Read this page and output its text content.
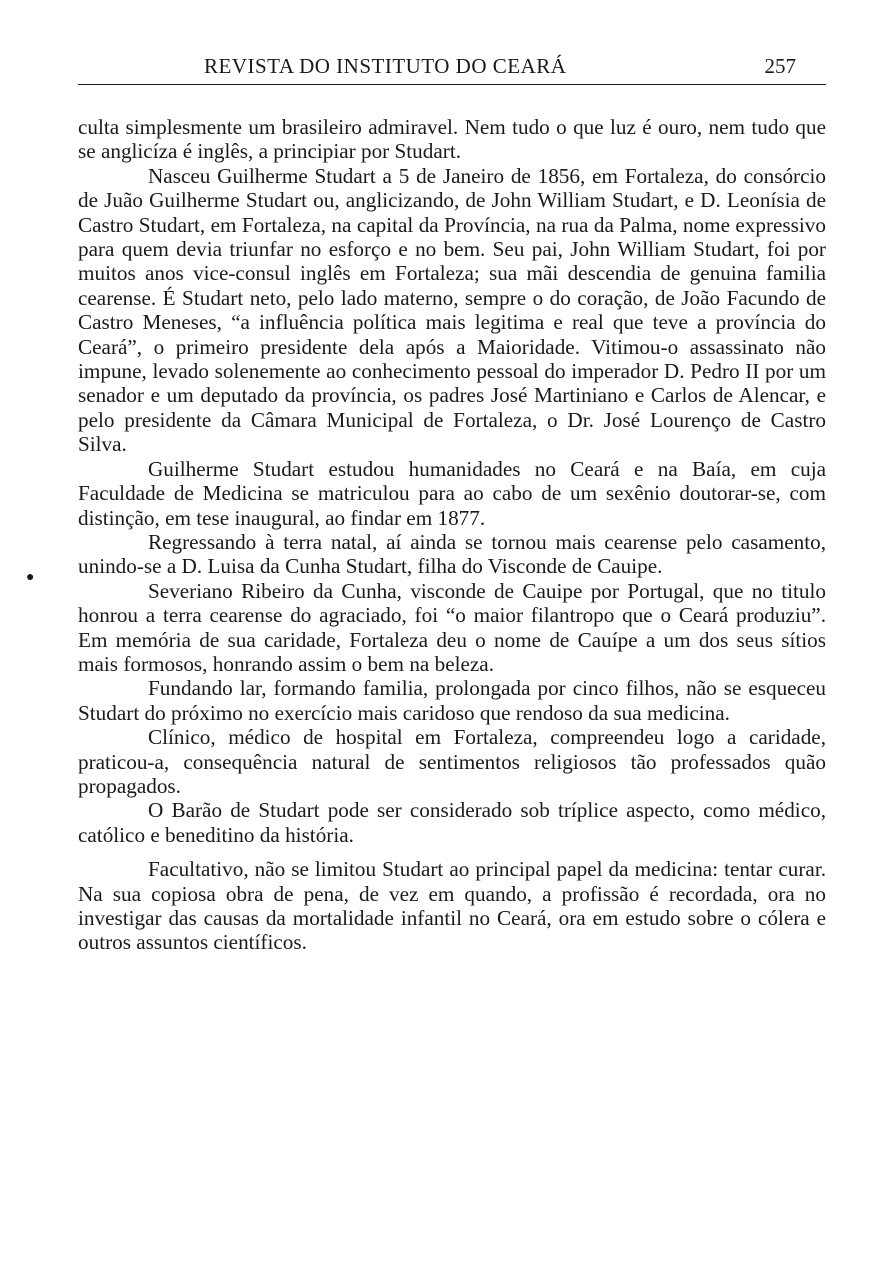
REVISTA DO INSTITUTO DO CEARÁ	257

culta simplesmente um brasileiro admiravel. Nem tudo o que luz é ouro, nem tudo que se anglicíza é inglês, a principiar por Studart.

Nasceu Guilherme Studart a 5 de Janeiro de 1856, em Fortaleza, do consórcio de Juão Guilherme Studart ou, anglicizando, de John William Studart, e D. Leonísia de Castro Studart, em Fortaleza, na capital da Província, na rua da Palma, nome expressivo para quem devia triunfar no esforço e no bem. Seu pai, John William Studart, foi por muitos anos vice-consul inglês em Fortaleza; sua mãi descendia de genuina familia cearense. É Studart neto, pelo lado materno, sempre o do coração, de João Facundo de Castro Meneses, “a influência política mais legitima e real que teve a província do Ceará”, o primeiro presidente dela após a Maioridade. Vitimou-o assassinato não impune, levado solenemente ao conhecimento pessoal do imperador D. Pedro II por um senador e um deputado da província, os padres José Martiniano e Carlos de Alencar, e pelo presidente da Câmara Municipal de Fortaleza, o Dr. José Lourenço de Castro Silva.

Guilherme Studart estudou humanidades no Ceará e na Baía, em cuja Faculdade de Medicina se matriculou para ao cabo de um sexênio doutorar-se, com distinção, em tese inaugural, ao findar em 1877.

Regressando à terra natal, aí ainda se tornou mais cearense pelo casamento, unindo-se a D. Luisa da Cunha Studart, filha do Visconde de Cauipe.

Severiano Ribeiro da Cunha, visconde de Cauipe por Portugal, que no titulo honrou a terra cearense do agraciado, foi “o maior filantropo que o Ceará produziu”. Em memória de sua caridade, Fortaleza deu o nome de Cauípe a um dos seus sítios mais formosos, honrando assim o bem na beleza.

Fundando lar, formando familia, prolongada por cinco filhos, não se esqueceu Studart do próximo no exercício mais caridoso que rendoso da sua medicina.

Clínico, médico de hospital em Fortaleza, compreendeu logo a caridade, praticou-a, consequência natural de sentimentos religiosos tão professados quão propagados.

O Barão de Studart pode ser considerado sob tríplice aspecto, como médico, católico e beneditino da história.

Facultativo, não se limitou Studart ao principal papel da medicina: tentar curar. Na sua copiosa obra de pena, de vez em quando, a profissão é recordada, ora no investigar das causas da mortalidade infantil no Ceará, ora em estudo sobre o cólera e outros assuntos científicos.

●
